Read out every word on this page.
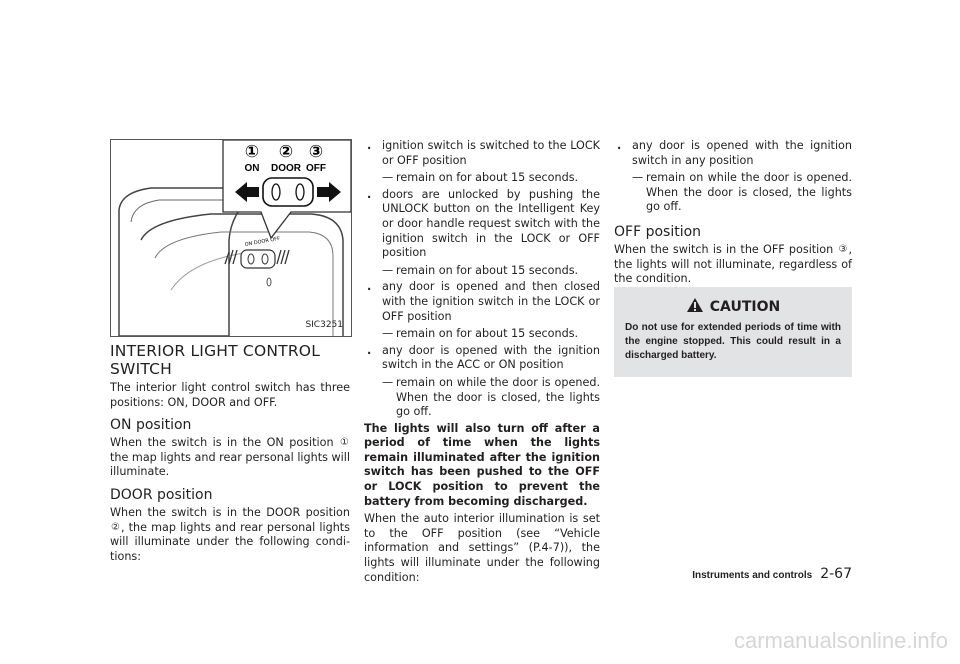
ON DOOR OFF
① ② ③
ON DOOR OFF
SIC3251
INTERIOR LIGHT CONTROL SWITCH

The interior light control switch has three positions: ON, DOOR and OFF.

ON position

When the switch is in the ON position ① the map lights and rear personal lights will illuminate.

DOOR position

When the switch is in the DOOR position ②, the map lights and rear personal lights will illuminate under the following condi-tions:

. ignition switch is switched to the LOCK or OFF position
— remain on for about 15 seconds.
. doors are unlocked by pushing the UNLOCK button on the Intelligent Key or door handle request switch with the ignition switch in the LOCK or OFF position
— remain on for about 15 seconds.
. any door is opened and then closed with the ignition switch in the LOCK or OFF position
— remain on for about 15 seconds.
. any door is opened with the ignition switch in the ACC or ON position
— remain on while the door is opened. When the door is closed, the lights go off.

The lights will also turn off after a period of time when the lights remain illuminated after the ignition switch has been pushed to the OFF or LOCK position to prevent the battery from becoming discharged.

When the auto interior illumination is set to the OFF position (see “Vehicle information and settings” (P.4-7)), the lights will illuminate under the following condition:

. any door is opened with the ignition switch in any position
— remain on while the door is opened. When the door is closed, the lights go off.
OFF position

When the switch is in the OFF position ③, the lights will not illuminate, regardless of the condition.

CAUTION
Do not use for extended periods of time with the engine stopped. This could result in a discharged battery.
Instruments and controls 2-67
carmanualsonline.info
